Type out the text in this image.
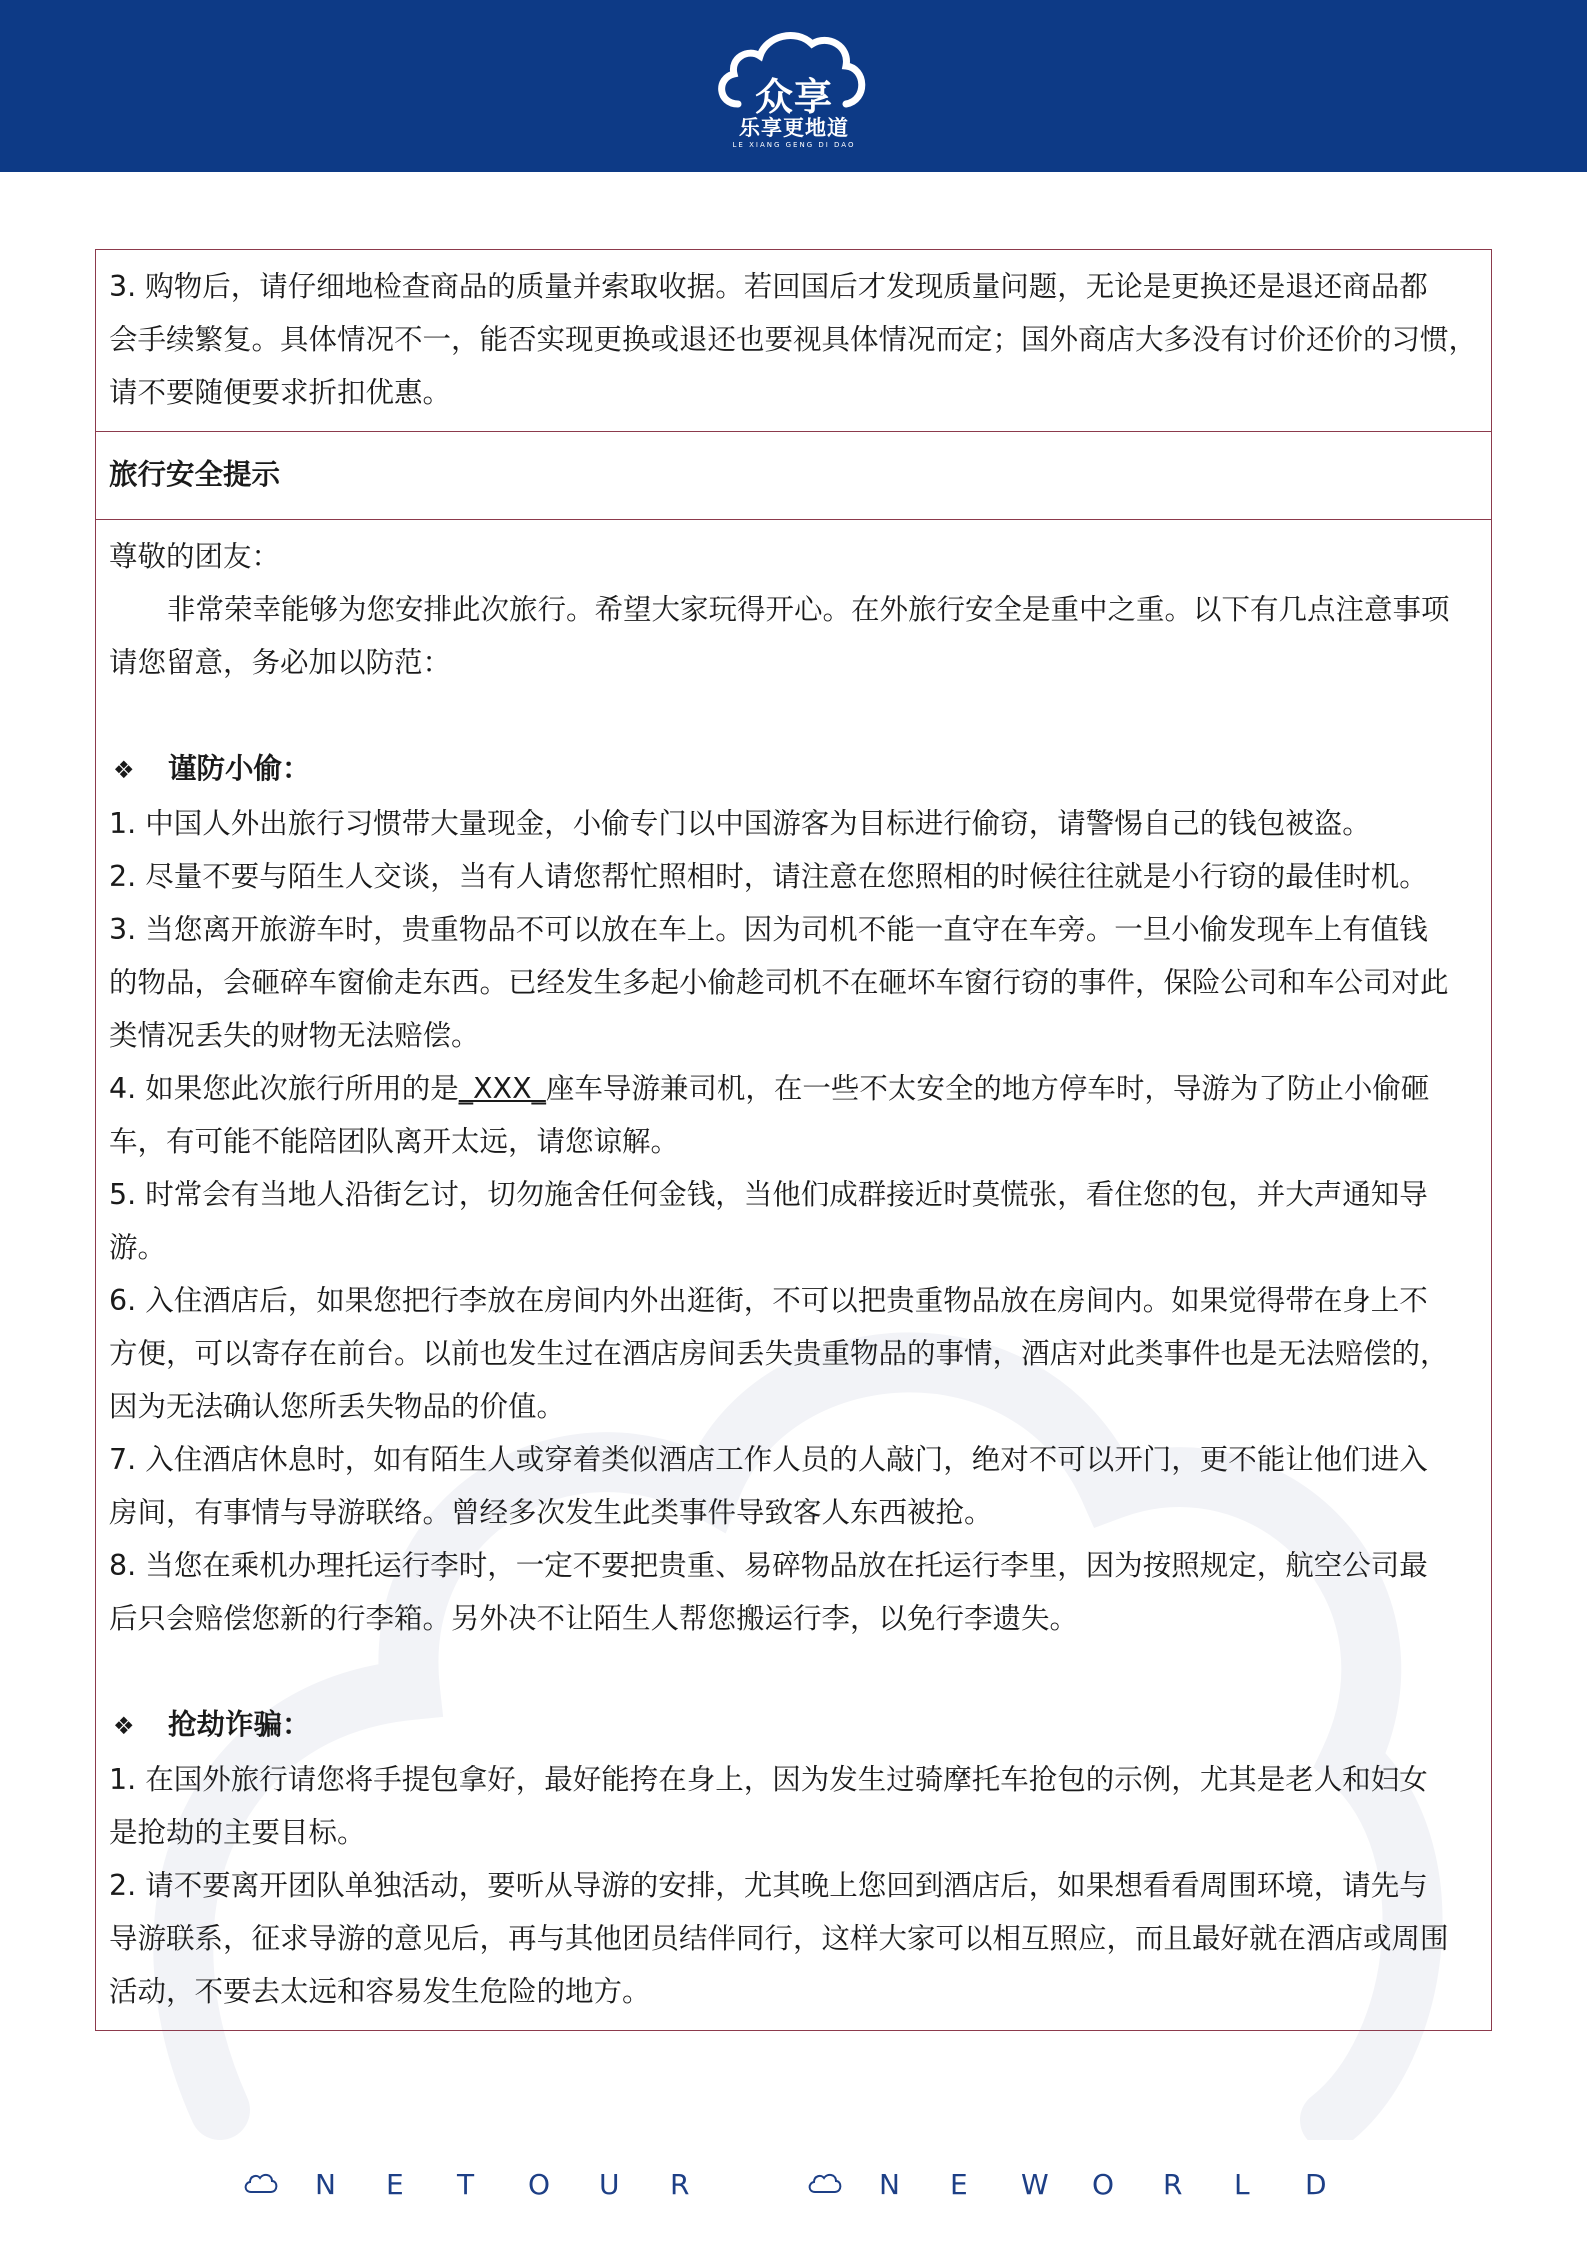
众享
乐享更地道
LE XIANG GENG DI DAO

3. 购物后，请仔细地检查商品的质量并索取收据。若回国后才发现质量问题，无论是更换还是退还商品都

会手续繁复。具体情况不一，能否实现更换或退还也要视具体情况而定；国外商店大多没有讨价还价的习惯，

请不要随便要求折扣优惠。

旅行安全提示

尊敬的团友：

非常荣幸能够为您安排此次旅行。希望大家玩得开心。在外旅行安全是重中之重。以下有几点注意事项

请您留意，务必加以防范：

❖ 谨防小偷：

1. 中国人外出旅行习惯带大量现金，小偷专门以中国游客为目标进行偷窃，请警惕自己的钱包被盗。

2. 尽量不要与陌生人交谈，当有人请您帮忙照相时，请注意在您照相的时候往往就是小行窃的最佳时机。

3. 当您离开旅游车时，贵重物品不可以放在车上。因为司机不能一直守在车旁。一旦小偷发现车上有值钱

的物品，会砸碎车窗偷走东西。已经发生多起小偷趁司机不在砸坏车窗行窃的事件，保险公司和车公司对此

类情况丢失的财物无法赔偿。

4. 如果您此次旅行所用的是_XXX_座车导游兼司机，在一些不太安全的地方停车时，导游为了防止小偷砸

车，有可能不能陪团队离开太远，请您谅解。

5. 时常会有当地人沿街乞讨，切勿施舍任何金钱，当他们成群接近时莫慌张，看住您的包，并大声通知导

游。

6. 入住酒店后，如果您把行李放在房间内外出逛街，不可以把贵重物品放在房间内。如果觉得带在身上不

方便，可以寄存在前台。以前也发生过在酒店房间丢失贵重物品的事情，酒店对此类事件也是无法赔偿的，

因为无法确认您所丢失物品的价值。

7. 入住酒店休息时，如有陌生人或穿着类似酒店工作人员的人敲门，绝对不可以开门，更不能让他们进入

房间，有事情与导游联络。曾经多次发生此类事件导致客人东西被抢。

8. 当您在乘机办理托运行李时，一定不要把贵重、易碎物品放在托运行李里，因为按照规定，航空公司最

后只会赔偿您新的行李箱。另外决不让陌生人帮您搬运行李，以免行李遗失。

❖ 抢劫诈骗：

1. 在国外旅行请您将手提包拿好，最好能挎在身上，因为发生过骑摩托车抢包的示例，尤其是老人和妇女

是抢劫的主要目标。

2. 请不要离开团队单独活动，要听从导游的安排，尤其晚上您回到酒店后，如果想看看周围环境，请先与

导游联系，征求导游的意见后，再与其他团员结伴同行，这样大家可以相互照应，而且最好就在酒店或周围

活动，不要去太远和容易发生危险的地方。

N	E	T	O	U	R	N	E	W	O	R	L	D
